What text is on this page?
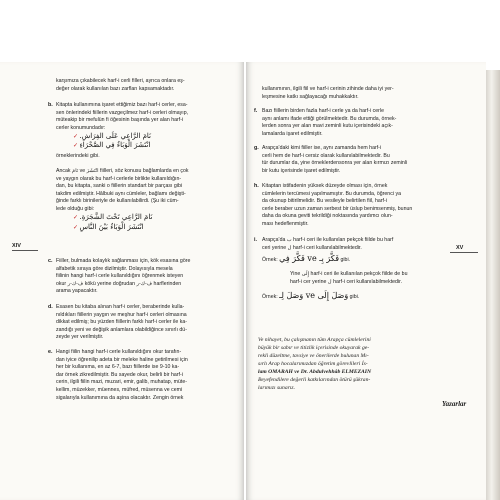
karşımıza çıkabilecek harf-i cerli filleri, ayrıca onlara eş-
değer olarak kullanılan bazı zarfları kapsamaktadır.
b. Kitapta kullanımına işaret ettiğimiz bazı harf-i cerler, esa-
sen önlerindeki fiillerin vazgeçilmez harf-i cerleri olmayıp,
müteakip bir mefulün fi öğesinin başında yer alan harf-i
cerler konumundadır:
✓ نَامَ الرَّاعِي عَلَى الفِرَاشِ.
✓ انْتَشَرَ الْوَبَاءُ فِي الصَّحْرَاءِ
örneklerindeki gibi.
Ancak نَامَ ve انْتَشَرَ fiilleri, söz konusu bağlamlarda en çok
ve yaygın olarak bu harf-i cerlerle birlikte kullanıldığın-
dan, bu kitapta, sanki o fiillerin standart bir parçası gibi
takdim edilmiştir. Hâlbuki aynı cümleler, bağlamı değişti-
ğinde farklı birinileriyle de kullanılabilirdi. (Şu iki cüm-
lede olduğu gibi:
✓ نَامَ الرَّاعِي تَحْتَ الشَّجَرَةِ.
✓ انْتَشَرَ الْوَبَاءُ بَيْنَ النَّاسِ
XIV
c. Fiiller, bulmada kolaylık sağlanması için, kök esasına göre
alfabetik sıraya göre dizilmiştir. Dolayısıyla mesela
fiilinin hangi harf-i cerle kullanıldığını öğrenmek isteyen
okur ف-ك-ر kökü yerine doğrudan ف-ك-ر harflerinden
arama yapacaktır.
d. Esasen bu kitaba alınan harf-i cerler, beraberinde kulla-
nıldıkları fiillerin yaygın ve meşhur harf-i cerleri olmasına
dikkat edilmiş; bu yüzden fiillerin farklı harf-i cerler ile ka-
zandığı yeni ve değişik anlamlara olabildiğince sınırlı dü-
zeyde yer verilmiştir.
e. Hangi fiilin hangi harf-i cerle kullanıldığını okur tarafın-
dan iyice öğrenilip adeta bir meleke haline getirilmesi için
her bir kullanıma, en az 6-7, bazı fiillerde ise 9-10 ka-
dar örnek zikredilmiştir. Bu sayede okur, belirli bir harf-i
cerin, ilgili fiilin mazi, muzari, emir, galib, muhatap, müte-
kellim, müzekker, müennes, müfred, müsenna ve cemi
sigalarıyla kullanımına da aşina olacaktır. Zengin örnek
kullanımının, ilgili fiil ve harf-i cerinin zihinde daha iyi yer-
leşmesine katkı sağlayacağı muhakkaktır.
f. Bazı fiillerin birden fazla harf-i cerle ya da harf-i cerle
aynı anlamı ifade ettiği görülmektedir. Bu durumda, örnek-
lerden sonra yer alan mavi zeminli kutu içerisindeki açık-
lamalarda işaret edilmiştir.
g. Arapça'daki kimi fiiller ise, aynı zamanda hem harf-i
cerli hem de harf-i cersiz olarak kullanılabilmektedir. Bu
tür durumlar da, yine örneklerdensonra yer alan kırmızı zeminli
bir kutu içerisinde işaret edilmiştir.
h. Kitaptan istifadenin yüksek düzeyde olması için, örnek
cümlelerin tercümesi yapılmamıştır. Bu durumda, öğrenci ya
da okunup bitirilmelidir. Bu vesileyle belirtilen fiil, harf-i
cerle beraber uzun zaman serbest bir üslup benimsenmiş, bunun
daha da okuna geviti tekrildiği noktasında yardımcı olun-
ması hedeflenmiştir.
i. Arapça'da ب harf-i ceri ile kullanılan pekçok fiilde bu harf
ceri yerine ل harf-i ceri kullanılabilmektedir.
Örnek: فَكَّرَ بِـ ve فَكَّرَ فِي gibi.
Yine إِلَى harf-i ceri ile kullanılan pekçok fiilde de bu
harf-i cer yerine ل harf-i ceri kullanılabilmektedir.
Örnek: وَصَلَ إِلَى ve وَصَلَ لِـ gibi.
XV
Ve nihayet, bu çalışmanın tüm Arapça cümlelerini
büyük bir sabır ve titizlik içerisinde okuyarak ge-
rekli düzeltme, tavsiye ve önerilerde bulunan Mı-
sırlı Arap hocalarımızdan öğretim görevlileri İs-
lam OMARAH ve Dr. Abdulvehhâb ELMEZAIN
Beyefendilere değerli katkılarından ötürü şükran-
larımızı sunarız.
Yazarlar
